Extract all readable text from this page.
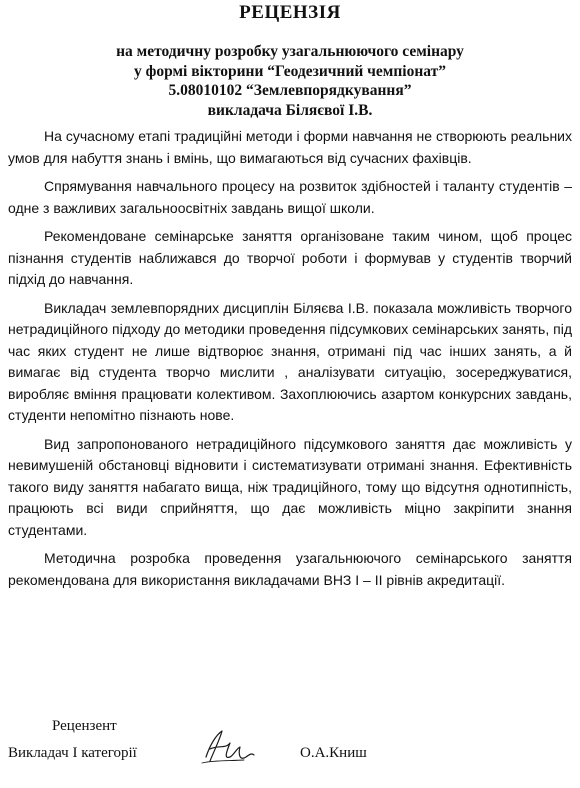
РЕЦЕНЗІЯ
на методичну розробку узагальнюючого семінару
у формі вікторини “Геодезичний чемпіонат”
5.08010102 “Землевпорядкування”
викладача Біляєвої І.В.

На сучасному етапі традиційні методи і форми навчання не створюють реальних умов для набуття знань і вмінь, що вимагаються від сучасних фахівців.

Спрямування навчального процесу на розвиток здібностей і таланту студентів – одне з важливих загальноосвітніх завдань вищої школи.

Рекомендоване семінарське заняття організоване таким чином, щоб процес пізнання студентів наближався до творчої роботи і формував у студентів творчий підхід до навчання.

Викладач землевпорядних дисциплін Біляєва І.В. показала можливість творчого нетрадиційного підходу до методики проведення підсумкових семінарських занять, під час яких студент не лише відтворює знання, отримані під час інших занять, а й вимагає від студента творчо мислити , аналізувати ситуацію, зосереджуватися, виробляє вміння працювати колективом. Захоплюючись азартом конкурсних завдань, студенти непомітно пізнають нове.

Вид запропонованого нетрадиційного підсумкового заняття дає можливість у невимушеній обстановці відновити і систематизувати отримані знання. Ефективність такого виду заняття набагато вища, ніж традиційного, тому що відсутня однотипність, працюють всі види сприйняття, що дає можливість міцно закріпити знання студентами.

Методична розробка проведення узагальнюючого семінарського заняття рекомендована для використання викладачами ВНЗ І – ІІ рівнів акредитації.

Рецензент
Викладач І категорії	О.А.Книш
